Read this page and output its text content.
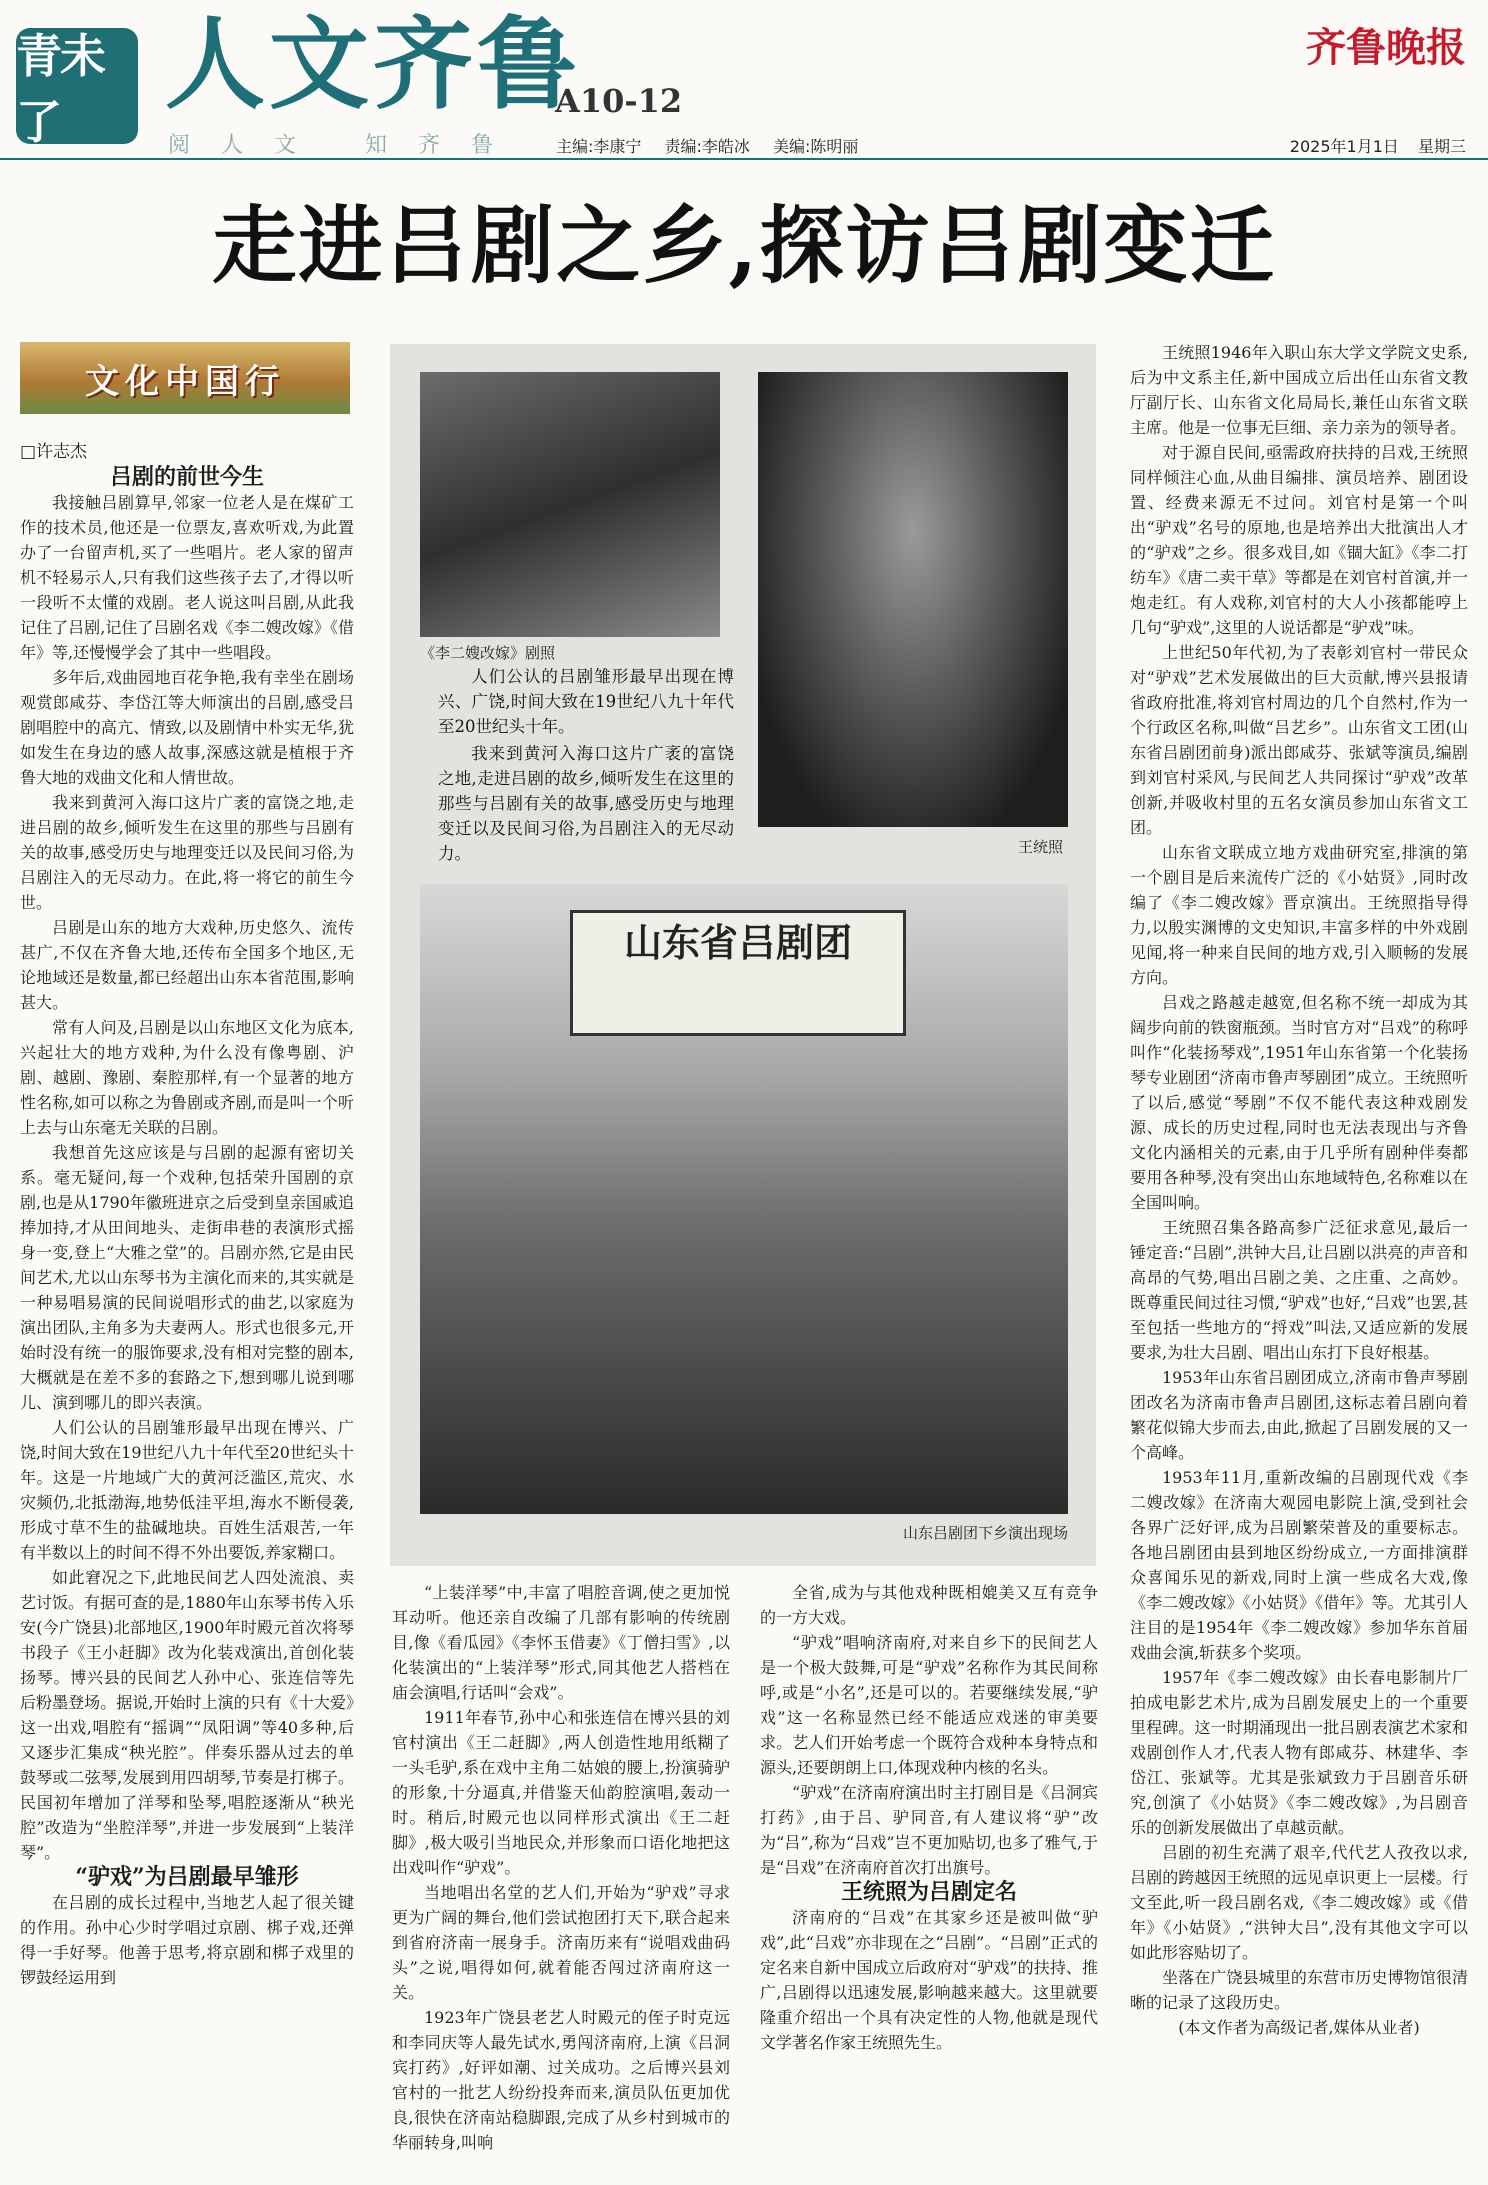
青未了	人文齐鲁
A10-12
阅人文 知齐鲁
齐鲁晚报
主编:李康宁 责编:李皓冰 美编:陈明丽	2025年1月1日 星期三
走进吕剧之乡,探访吕剧变迁
文化中国行

□许志杰

吕剧的前世今生

我接触吕剧算早,邻家一位老人是在煤矿工作的技术员,他还是一位票友,喜欢听戏,为此置办了一台留声机,买了一些唱片。老人家的留声机不轻易示人,只有我们这些孩子去了,才得以听一段听不太懂的戏剧。老人说这叫吕剧,从此我记住了吕剧,记住了吕剧名戏《李二嫂改嫁》《借年》等,还慢慢学会了其中一些唱段。

多年后,戏曲园地百花争艳,我有幸坐在剧场观赏郎咸芬、李岱江等大师演出的吕剧,感受吕剧唱腔中的高亢、情致,以及剧情中朴实无华,犹如发生在身边的感人故事,深感这就是植根于齐鲁大地的戏曲文化和人情世故。

我来到黄河入海口这片广袤的富饶之地,走进吕剧的故乡,倾听发生在这里的那些与吕剧有关的故事,感受历史与地理变迁以及民间习俗,为吕剧注入的无尽动力。在此,将一将它的前生今世。

吕剧是山东的地方大戏种,历史悠久、流传甚广,不仅在齐鲁大地,还传布全国多个地区,无论地域还是数量,都已经超出山东本省范围,影响甚大。

常有人问及,吕剧是以山东地区文化为底本,兴起壮大的地方戏种,为什么没有像粤剧、沪剧、越剧、豫剧、秦腔那样,有一个显著的地方性名称,如可以称之为鲁剧或齐剧,而是叫一个听上去与山东毫无关联的吕剧。

我想首先这应该是与吕剧的起源有密切关系。毫无疑问,每一个戏种,包括荣升国剧的京剧,也是从1790年徽班进京之后受到皇亲国戚追捧加持,才从田间地头、走街串巷的表演形式摇身一变,登上“大雅之堂”的。吕剧亦然,它是由民间艺术,尤以山东琴书为主演化而来的,其实就是一种易唱易演的民间说唱形式的曲艺,以家庭为演出团队,主角多为夫妻两人。形式也很多元,开始时没有统一的服饰要求,没有相对完整的剧本,大概就是在差不多的套路之下,想到哪儿说到哪儿、演到哪儿的即兴表演。

人们公认的吕剧雏形最早出现在博兴、广饶,时间大致在19世纪八九十年代至20世纪头十年。这是一片地域广大的黄河泛滥区,荒灾、水灾频仍,北抵渤海,地势低洼平坦,海水不断侵袭,形成寸草不生的盐碱地块。百姓生活艰苦,一年有半数以上的时间不得不外出要饭,养家糊口。

如此窘况之下,此地民间艺人四处流浪、卖艺讨饭。有据可查的是,1880年山东琴书传入乐安(今广饶县)北部地区,1900年时殿元首次将琴书段子《王小赶脚》改为化装戏演出,首创化装扬琴。博兴县的民间艺人孙中心、张连信等先后粉墨登场。据说,开始时上演的只有《十大爱》这一出戏,唱腔有“摇调”“凤阳调”等40多种,后又逐步汇集成“秧光腔”。伴奏乐器从过去的单鼓琴或二弦琴,发展到用四胡琴,节奏是打梆子。民国初年增加了洋琴和坠琴,唱腔逐渐从“秧光腔”改造为“坐腔洋琴”,并进一步发展到“上装洋琴”。

“驴戏”为吕剧最早雏形

在吕剧的成长过程中,当地艺人起了很关键的作用。孙中心少时学唱过京剧、梆子戏,还弹得一手好琴。他善于思考,将京剧和梆子戏里的锣鼓经运用到

《李二嫂改嫁》剧照
王统照

人们公认的吕剧雏形最早出现在博兴、广饶,时间大致在19世纪八九十年代至20世纪头十年。

我来到黄河入海口这片广袤的富饶之地,走进吕剧的故乡,倾听发生在这里的那些与吕剧有关的故事,感受历史与地理变迁以及民间习俗,为吕剧注入的无尽动力。

山东省吕剧团
山东吕剧团下乡演出现场

“上装洋琴”中,丰富了唱腔音调,使之更加悦耳动听。他还亲自改编了几部有影响的传统剧目,像《看瓜园》《李怀玉借妻》《丁僧扫雪》,以化装演出的“上装洋琴”形式,同其他艺人搭档在庙会演唱,行话叫“会戏”。

1911年春节,孙中心和张连信在博兴县的刘官村演出《王二赶脚》,两人创造性地用纸糊了一头毛驴,系在戏中主角二姑娘的腰上,扮演骑驴的形象,十分逼真,并借鉴天仙韵腔演唱,轰动一时。稍后,时殿元也以同样形式演出《王二赶脚》,极大吸引当地民众,并形象而口语化地把这出戏叫作“驴戏”。

当地唱出名堂的艺人们,开始为“驴戏”寻求更为广阔的舞台,他们尝试抱团打天下,联合起来到省府济南一展身手。济南历来有“说唱戏曲码头”之说,唱得如何,就着能否闯过济南府这一关。

1923年广饶县老艺人时殿元的侄子时克远和李同庆等人最先试水,勇闯济南府,上演《吕洞宾打药》,好评如潮、过关成功。之后博兴县刘官村的一批艺人纷纷投奔而来,演员队伍更加优良,很快在济南站稳脚跟,完成了从乡村到城市的华丽转身,叫响

全省,成为与其他戏种既相媲美又互有竞争的一方大戏。

“驴戏”唱响济南府,对来自乡下的民间艺人是一个极大鼓舞,可是“驴戏”名称作为其民间称呼,或是“小名”,还是可以的。若要继续发展,“驴戏”这一名称显然已经不能适应戏迷的审美要求。艺人们开始考虑一个既符合戏种本身特点和源头,还要朗朗上口,体现戏种内核的名头。

“驴戏”在济南府演出时主打剧目是《吕洞宾打药》,由于吕、驴同音,有人建议将“驴”改为“吕”,称为“吕戏”岂不更加贴切,也多了雅气,于是“吕戏”在济南府首次打出旗号。

王统照为吕剧定名

济南府的“吕戏”在其家乡还是被叫做“驴戏”,此“吕戏”亦非现在之“吕剧”。“吕剧”正式的定名来自新中国成立后政府对“驴戏”的扶持、推广,吕剧得以迅速发展,影响越来越大。这里就要隆重介绍出一个具有决定性的人物,他就是现代文学著名作家王统照先生。

王统照1946年入职山东大学文学院文史系,后为中文系主任,新中国成立后出任山东省文教厅副厅长、山东省文化局局长,兼任山东省文联主席。他是一位事无巨细、亲力亲为的领导者。

对于源自民间,亟需政府扶持的吕戏,王统照同样倾注心血,从曲目编排、演员培养、剧团设置、经费来源无不过问。刘官村是第一个叫出“驴戏”名号的原地,也是培养出大批演出人才的“驴戏”之乡。很多戏目,如《锢大缸》《李二打纺车》《唐二卖干草》等都是在刘官村首演,并一炮走红。有人戏称,刘官村的大人小孩都能哼上几句“驴戏”,这里的人说话都是“驴戏”味。

上世纪50年代初,为了表彰刘官村一带民众对“驴戏”艺术发展做出的巨大贡献,博兴县报请省政府批准,将刘官村周边的几个自然村,作为一个行政区名称,叫做“吕艺乡”。山东省文工团(山东省吕剧团前身)派出郎咸芬、张斌等演员,编剧到刘官村采风,与民间艺人共同探讨“驴戏”改革创新,并吸收村里的五名女演员参加山东省文工团。

山东省文联成立地方戏曲研究室,排演的第一个剧目是后来流传广泛的《小姑贤》,同时改编了《李二嫂改嫁》晋京演出。王统照指导得力,以殷实渊博的文史知识,丰富多样的中外戏剧见闻,将一种来自民间的地方戏,引入顺畅的发展方向。

吕戏之路越走越宽,但名称不统一却成为其阔步向前的铁窗瓶颈。当时官方对“吕戏”的称呼叫作“化装扬琴戏”,1951年山东省第一个化装扬琴专业剧团“济南市鲁声琴剧团”成立。王统照听了以后,感觉“琴剧”不仅不能代表这种戏剧发源、成长的历史过程,同时也无法表现出与齐鲁文化内涵相关的元素,由于几乎所有剧种伴奏都要用各种琴,没有突出山东地域特色,名称难以在全国叫响。

王统照召集各路高参广泛征求意见,最后一锤定音:“吕剧”,洪钟大吕,让吕剧以洪亮的声音和高昂的气势,唱出吕剧之美、之庄重、之高妙。既尊重民间过往习惯,“驴戏”也好,“吕戏”也罢,甚至包括一些地方的“捋戏”叫法,又适应新的发展要求,为壮大吕剧、唱出山东打下良好根基。

1953年山东省吕剧团成立,济南市鲁声琴剧团改名为济南市鲁声吕剧团,这标志着吕剧向着繁花似锦大步而去,由此,掀起了吕剧发展的又一个高峰。

1953年11月,重新改编的吕剧现代戏《李二嫂改嫁》在济南大观园电影院上演,受到社会各界广泛好评,成为吕剧繁荣普及的重要标志。各地吕剧团由县到地区纷纷成立,一方面排演群众喜闻乐见的新戏,同时上演一些成名大戏,像《李二嫂改嫁》《小姑贤》《借年》等。尤其引人注目的是1954年《李二嫂改嫁》参加华东首届戏曲会演,斩获多个奖项。

1957年《李二嫂改嫁》由长春电影制片厂拍成电影艺术片,成为吕剧发展史上的一个重要里程碑。这一时期涌现出一批吕剧表演艺术家和戏剧创作人才,代表人物有郎咸芬、林建华、李岱江、张斌等。尤其是张斌致力于吕剧音乐研究,创演了《小姑贤》《李二嫂改嫁》,为吕剧音乐的创新发展做出了卓越贡献。

吕剧的初生充满了艰辛,代代艺人孜孜以求,吕剧的跨越因王统照的远见卓识更上一层楼。行文至此,听一段吕剧名戏,《李二嫂改嫁》或《借年》《小姑贤》,“洪钟大吕”,没有其他文字可以如此形容贴切了。

坐落在广饶县城里的东营市历史博物馆很清晰的记录了这段历史。

(本文作者为高级记者,媒体从业者)
